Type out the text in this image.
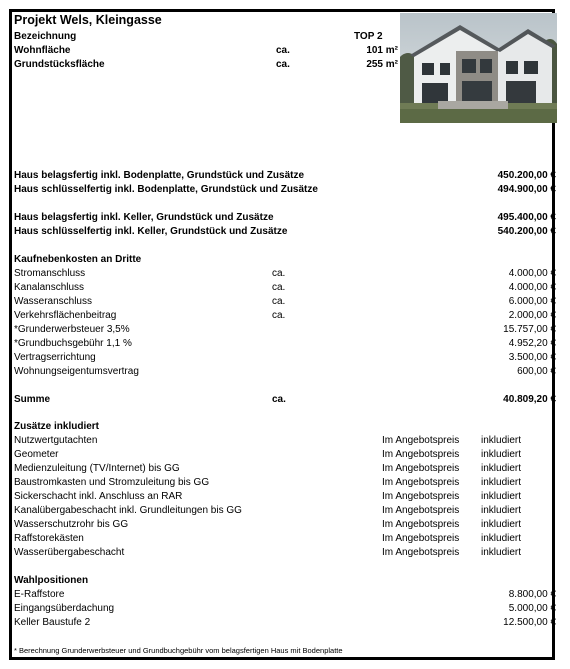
Projekt Wels, Kleingasse
Bezeichnung	TOP 2
Wohnfläche	ca.	101 m²
Grundstücksfläche	ca.	255 m²
Haus belagsfertig inkl. Bodenplatte, Grundstück und Zusätze	450.200,00 €
Haus schlüsselfertig inkl. Bodenplatte, Grundstück und Zusätze	494.900,00 €
Haus belagsfertig inkl. Keller, Grundstück und Zusätze	495.400,00 €
Haus schlüsselfertig inkl. Keller, Grundstück und Zusätze	540.200,00 €
Kaufnebenkosten an Dritte
Stromanschluss	ca.	4.000,00 €
Kanalanschluss	ca.	4.000,00 €
Wasseranschluss	ca.	6.000,00 €
Verkehrsflächenbeitrag	ca.	2.000,00 €
*Grunderwerbsteuer 3,5%	15.757,00 €
*Grundbuchsgebühr 1,1 %	4.952,20 €
Vertragserrichtung	3.500,00 €
Wohnungseigentumsvertrag	600,00 €
Summe	ca.	40.809,20 €
Zusätze inkludiert
Nutzwertgutachten	Im Angebotspreis inkludiert
Geometer	Im Angebotspreis inkludiert
Medienzuleitung (TV/Internet) bis GG	Im Angebotspreis inkludiert
Baustromkasten und Stromzuleitung bis GG	Im Angebotspreis inkludiert
Sickerschacht inkl. Anschluss an RAR	Im Angebotspreis inkludiert
Kanalübergabeschacht inkl. Grundleitungen bis GG	Im Angebotspreis inkludiert
Wasserschutzrohr bis GG	Im Angebotspreis inkludiert
Raffstorekästen	Im Angebotspreis inkludiert
Wasserübergabeschacht	Im Angebotspreis inkludiert
Wahlpositionen
E-Raffstore	8.800,00 €
Eingangsüberdachung	5.000,00 €
Keller Baustufe 2	12.500,00 €
* Berechnung Grunderwerbsteuer und Grundbuchgebühr vom belagsfertigen Haus mit Bodenplatte
